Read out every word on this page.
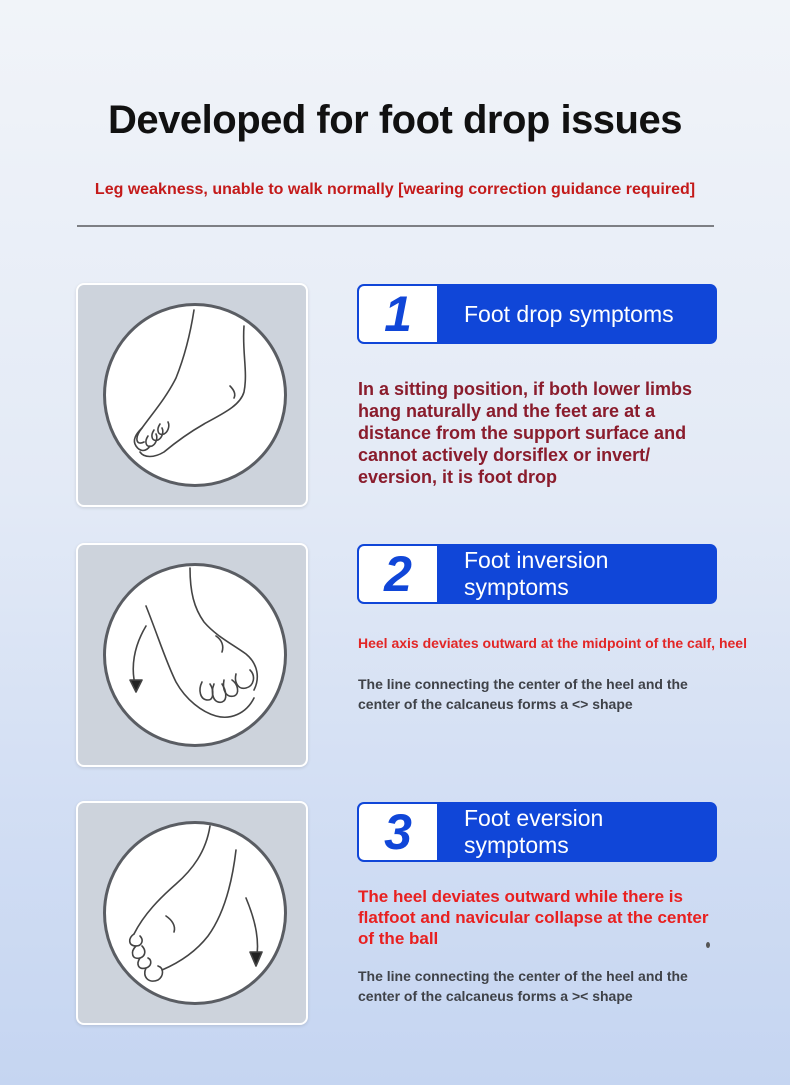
Developed for foot drop issues
Leg weakness, unable to walk normally [wearing correction guidance required]
1 Foot drop symptoms
In a sitting position, if both lower limbs hang naturally and the feet are at a distance from the support surface and cannot actively dorsiflex or invert/ eversion, it is foot drop
2 Foot inversion symptoms
Heel axis deviates outward at the midpoint of the calf, heel
The line connecting the center of the heel and the center of the calcaneus forms a <> shape
3 Foot eversion symptoms
The heel deviates outward while there is flatfoot and navicular collapse at the center of the ball
The line connecting the center of the heel and the center of the calcaneus forms a >< shape
